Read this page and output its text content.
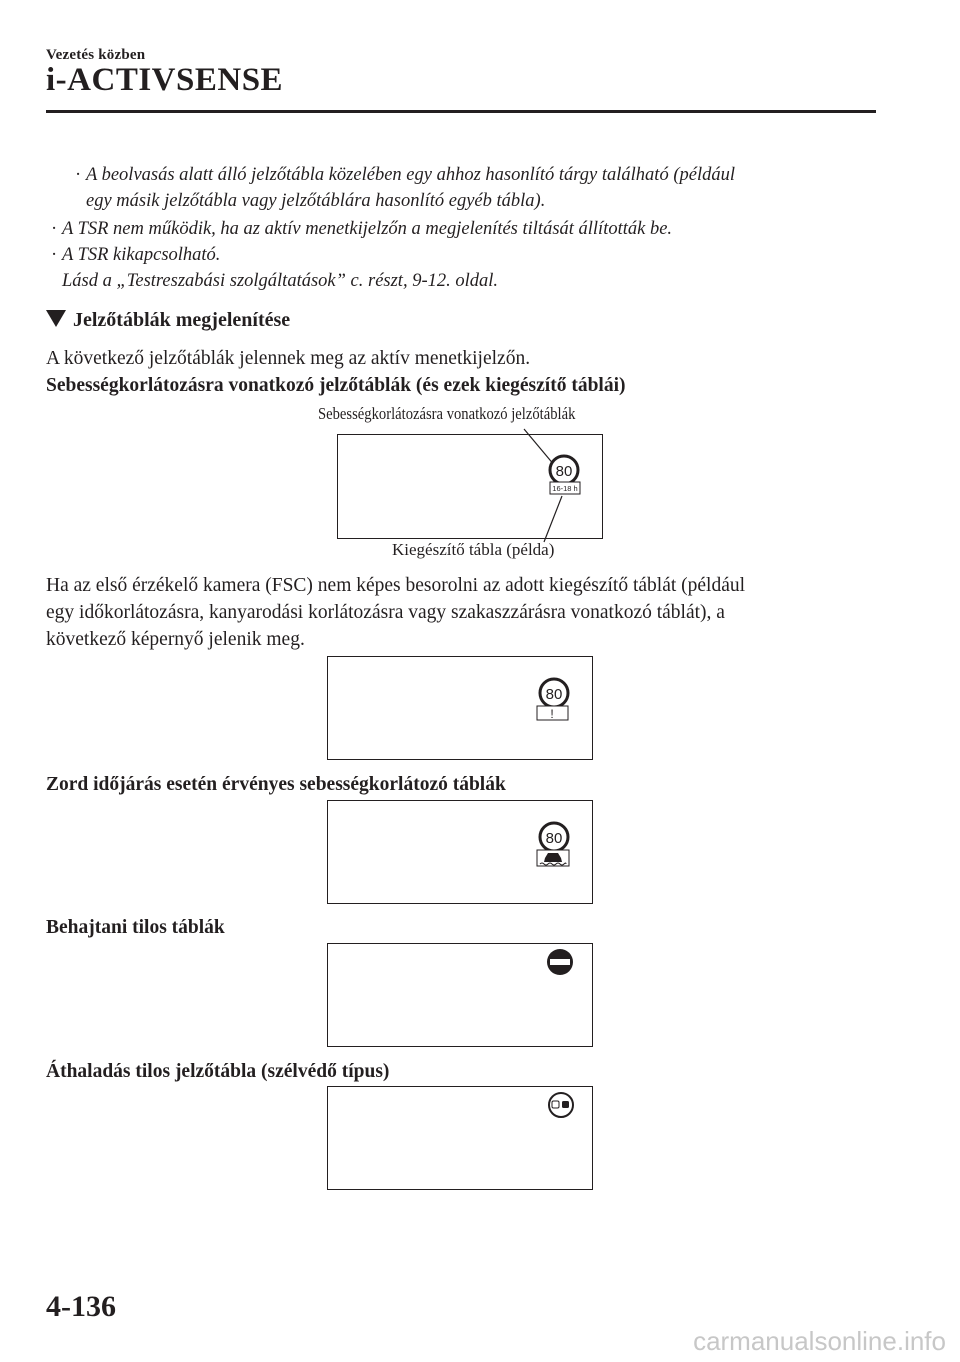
Vezetés közben
i-ACTIVSENSE
· A beolvasás alatt álló jelzőtábla közelében egy ahhoz hasonlító tárgy található (például
egy másik jelzőtábla vagy jelzőtáblára hasonlító egyéb tábla).
· A TSR nem működik, ha az aktív menetkijelzőn a megjelenítés tiltását állították be.
· A TSR kikapcsolható.
Lásd a „Testreszabási szolgáltatások” c. részt, 9-12. oldal.
Jelzőtáblák megjelenítése
A következő jelzőtáblák jelennek meg az aktív menetkijelzőn.
Sebességkorlátozásra vonatkozó jelzőtáblák (és ezek kiegészítő táblái)
Sebességkorlátozásra vonatkozó jelzőtáblák
80
16-18 h
Kiegészítő tábla (példa)
Ha az első érzékelő kamera (FSC) nem képes besorolni az adott kiegészítő táblát (például
egy időkorlátozásra, kanyarodási korlátozásra vagy szakaszzárásra vonatkozó táblát), a
következő képernyő jelenik meg.
80
!
Zord időjárás esetén érvényes sebességkorlátozó táblák
80
Behajtani tilos táblák
Áthaladás tilos jelzőtábla (szélvédő típus)
4-136
carmanualsonline.info
